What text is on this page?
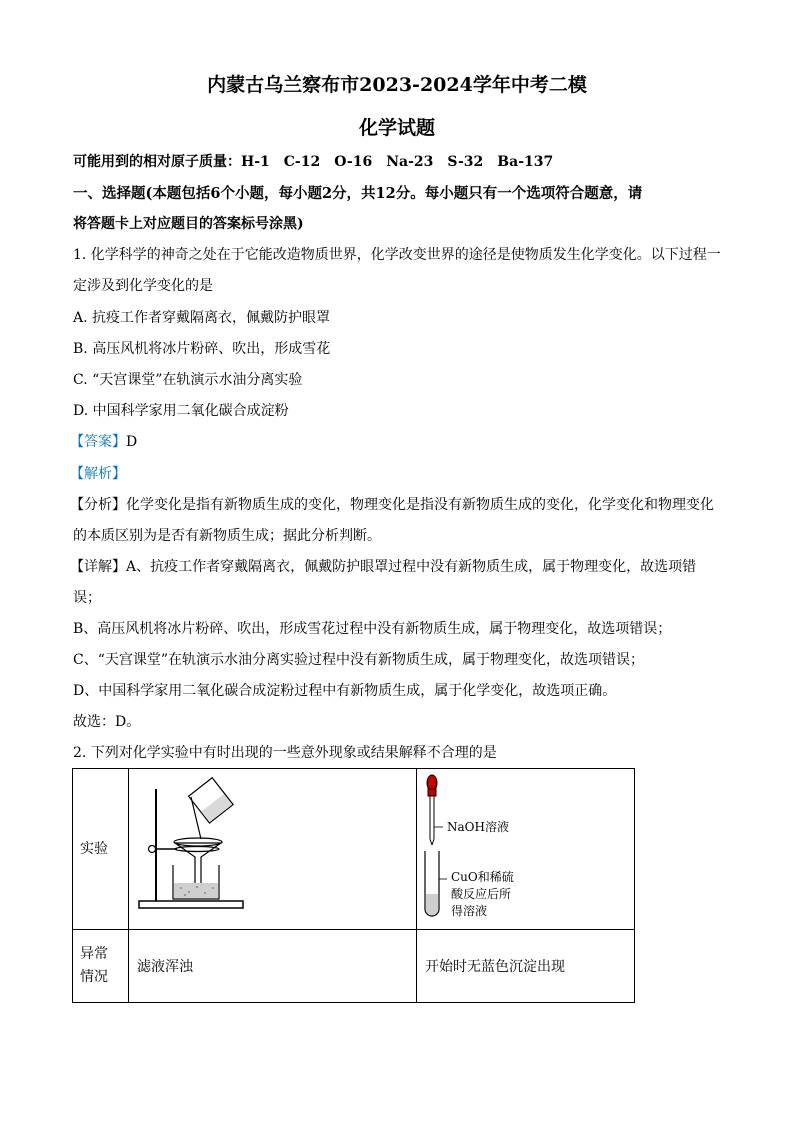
内蒙古乌兰察布市2023-2024学年中考二模
化学试题
可能用到的相对原子质量：H-1　C-12　O-16　Na-23　S-32　Ba-137
一、选择题(本题包括6个小题，每小题2分，共12分。每小题只有一个选项符合题意，请
将答题卡上对应题目的答案标号涂黑)
1. 化学科学的神奇之处在于它能改造物质世界，化学改变世界的途径是使物质发生化学变化。以下过程一
定涉及到化学变化的是
A. 抗疫工作者穿戴隔离衣，佩戴防护眼罩
B. 高压风机将冰片粉碎、吹出，形成雪花
C. “天宫课堂”在轨演示水油分离实验
D. 中国科学家用二氧化碳合成淀粉
【答案】D
【解析】
【分析】化学变化是指有新物质生成的变化，物理变化是指没有新物质生成的变化，化学变化和物理变化
的本质区别为是否有新物质生成；据此分析判断。
【详解】A、抗疫工作者穿戴隔离衣，佩戴防护眼罩过程中没有新物质生成，属于物理变化，故选项错
误；
B、高压风机将冰片粉碎、吹出，形成雪花过程中没有新物质生成，属于物理变化，故选项错误；
C、“天宫课堂”在轨演示水油分离实验过程中没有新物质生成，属于物理变化，故选项错误；
D、中国科学家用二氧化碳合成淀粉过程中有新物质生成，属于化学变化，故选项正确。
故选：D。
2. 下列对化学实验中有时出现的一些意外现象或结果解释不合理的是
实验		NaOH溶液
CuO和稀硫
酸反应后所
得溶液

异常
情况	滤液浑浊	开始时无蓝色沉淀出现
